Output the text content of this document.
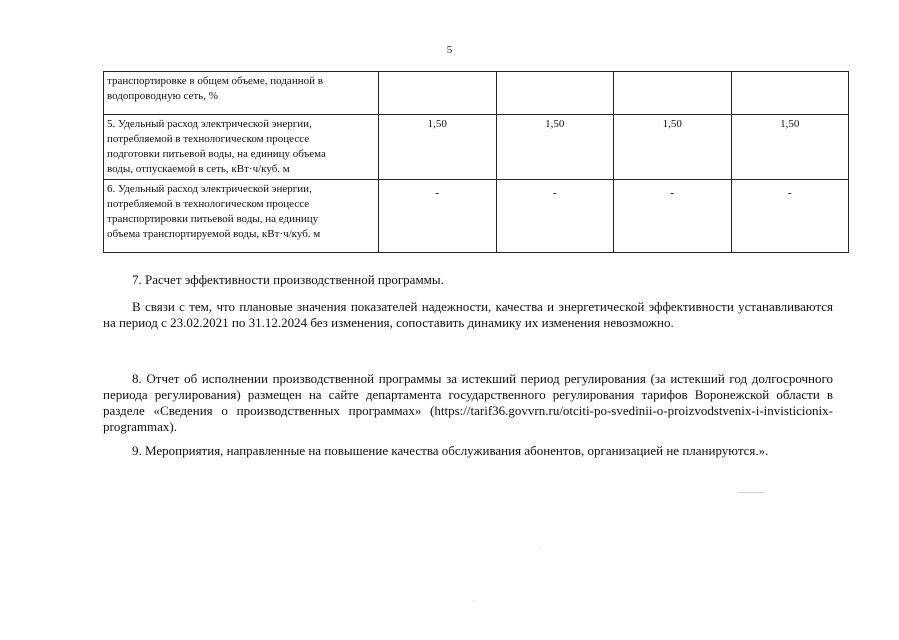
5
транспортировке в общем объеме, поданной в
водопроводную сеть, %				
5. Удельный расход электрической энергии,
потребляемой в технологическом процессе
подготовки питьевой воды, на единицу объема
воды, отпускаемой в сеть, кВт·ч/куб. м	1,50	1,50	1,50	1,50

6. Удельный расход электрической энергии,
потребляемой в технологическом процессе
транспортировки питьевой воды, на единицу
объема транспортируемой воды, кВт·ч/куб. м	-	-	-	-
7. Расчет эффективности производственной программы.
В связи с тем, что плановые значения показателей надежности, качества и энергетической эффективности устанавливаются на период с 23.02.2021 по 31.12.2024 без изменения, сопоставить динамику их изменения невозможно.
8. Отчет об исполнении производственной программы за истекший период регулирования (за истекший год долгосрочного периода регулирования) размещен на сайте департамента государственного регулирования тарифов Воронежской области в разделе «Сведения о производственных программах» (https://tarif36.govvrn.ru/otciti-po-svedinii-o-proizvodstvenix-i-invisticionix-programmax).
9. Мероприятия, направленные на повышение качества обслуживания абонентов, организацией не планируются.».
